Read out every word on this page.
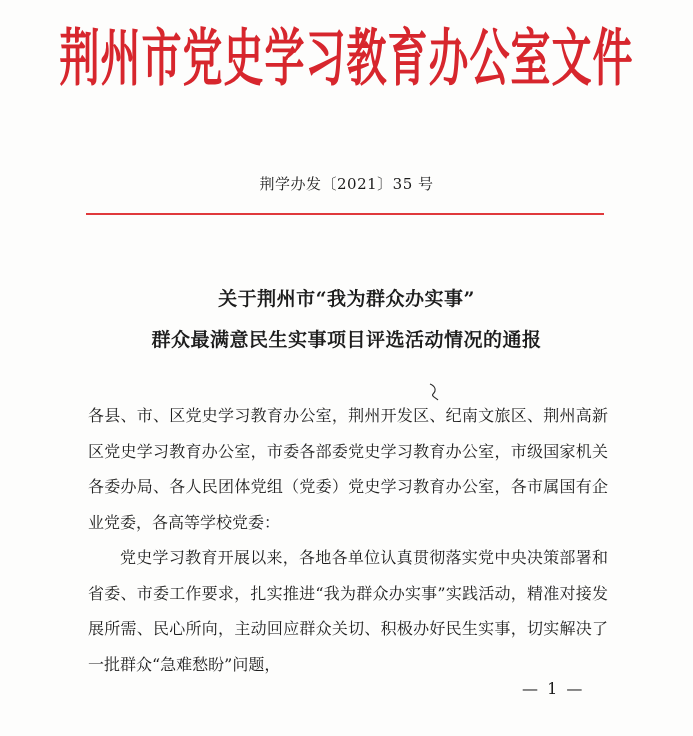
荆州市党史学习教育办公室文件
荆学办发〔2021〕35 号
关于荆州市“我为群众办实事”
群众最满意民生实事项目评选活动情况的通报

各县、市、区党史学习教育办公室，荆州开发区、纪南文旅区、荆州高新区党史学习教育办公室，市委各部委党史学习教育办公室，市级国家机关各委办局、各人民团体党组（党委）党史学习教育办公室，各市属国有企业党委，各高等学校党委：

党史学习教育开展以来，各地各单位认真贯彻落实党中央决策部署和省委、市委工作要求，扎实推进“我为群众办实事”实践活动，精准对接发展所需、民心所向，主动回应群众关切、积极办好民生实事，切实解决了一批群众“急难愁盼”问题，

— 1 —
